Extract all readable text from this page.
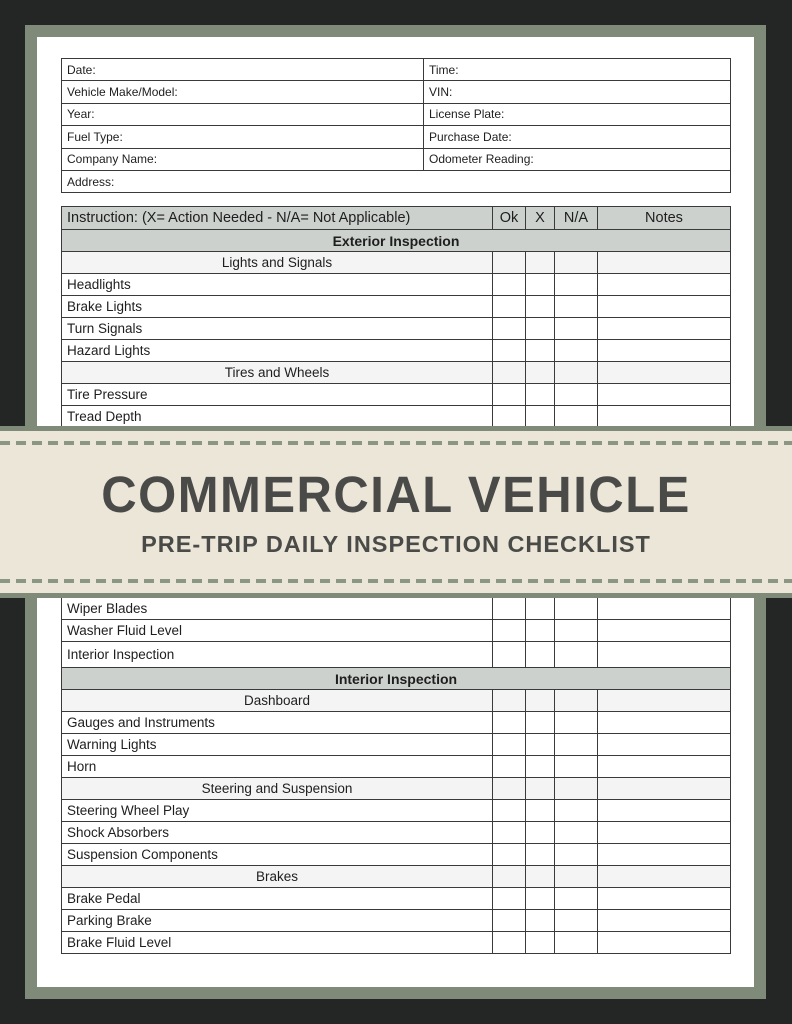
Date:	Time:
Vehicle Make/Model:	VIN:
Year:	License Plate:
Fuel Type:	Purchase Date:
Company Name:	Odometer Reading:
Address:	
Instruction: (X= Action Needed - N/A= Not Applicable)	Ok	X	N/A	Notes
Exterior Inspection				
Lights and Signals				
Headlights				
Brake Lights				
Turn Signals				
Hazard Lights				
Tires and Wheels				
Tire Pressure				
Tread Depth				
Wiper Blades				
Washer Fluid Level				
Interior Inspection				
Interior Inspection				
Dashboard				
Gauges and Instruments				
Warning Lights				
Horn				
Steering and Suspension				
Steering Wheel Play				
Shock Absorbers				
Suspension Components				
Brakes				
Brake Pedal				
Parking Brake				
Brake Fluid Level				
COMMERCIAL VEHICLE
PRE-TRIP DAILY INSPECTION CHECKLIST
